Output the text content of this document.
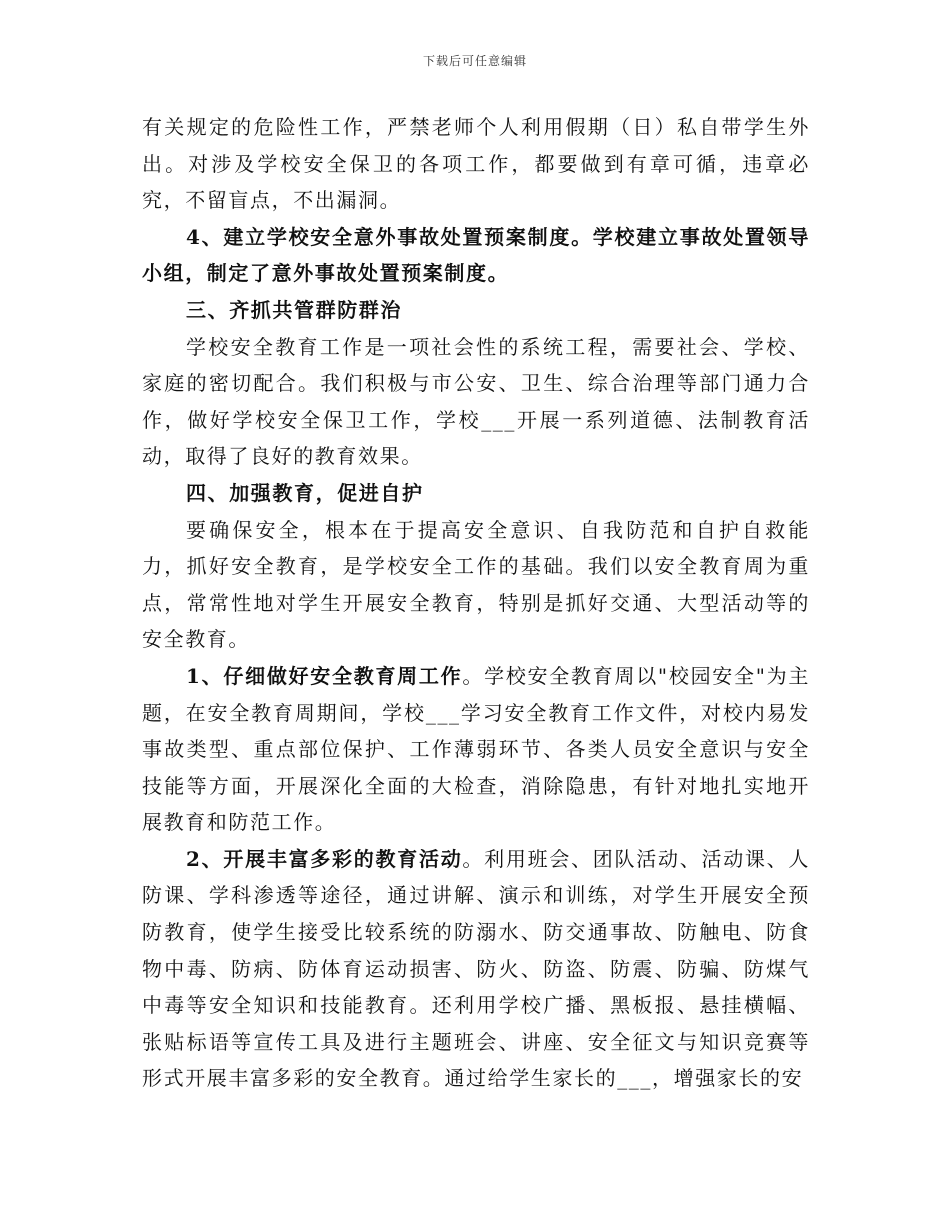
下载后可任意编辑

有关规定的危险性工作，严禁老师个人利用假期（日）私自带学生外出。对涉及学校安全保卫的各项工作，都要做到有章可循，违章必究，不留盲点，不出漏洞。

4、建立学校安全意外事故处置预案制度。学校建立事故处置领导小组，制定了意外事故处置预案制度。

三、齐抓共管群防群治

学校安全教育工作是一项社会性的系统工程，需要社会、学校、家庭的密切配合。我们积极与市公安、卫生、综合治理等部门通力合作，做好学校安全保卫工作，学校___开展一系列道德、法制教育活动，取得了良好的教育效果。

四、加强教育，促进自护

要确保安全，根本在于提高安全意识、自我防范和自护自救能力，抓好安全教育，是学校安全工作的基础。我们以安全教育周为重点，常常性地对学生开展安全教育，特别是抓好交通、大型活动等的安全教育。

1、仔细做好安全教育周工作。学校安全教育周以"校园安全"为主题，在安全教育周期间，学校___学习安全教育工作文件，对校内易发事故类型、重点部位保护、工作薄弱环节、各类人员安全意识与安全技能等方面，开展深化全面的大检查，消除隐患，有针对地扎实地开展教育和防范工作。

2、开展丰富多彩的教育活动。利用班会、团队活动、活动课、人防课、学科渗透等途径，通过讲解、演示和训练，对学生开展安全预防教育，使学生接受比较系统的防溺水、防交通事故、防触电、防食物中毒、防病、防体育运动损害、防火、防盗、防震、防骗、防煤气中毒等安全知识和技能教育。还利用学校广播、黑板报、悬挂横幅、张贴标语等宣传工具及进行主题班会、讲座、安全征文与知识竞赛等形式开展丰富多彩的安全教育。通过给学生家长的___，增强家长的安
